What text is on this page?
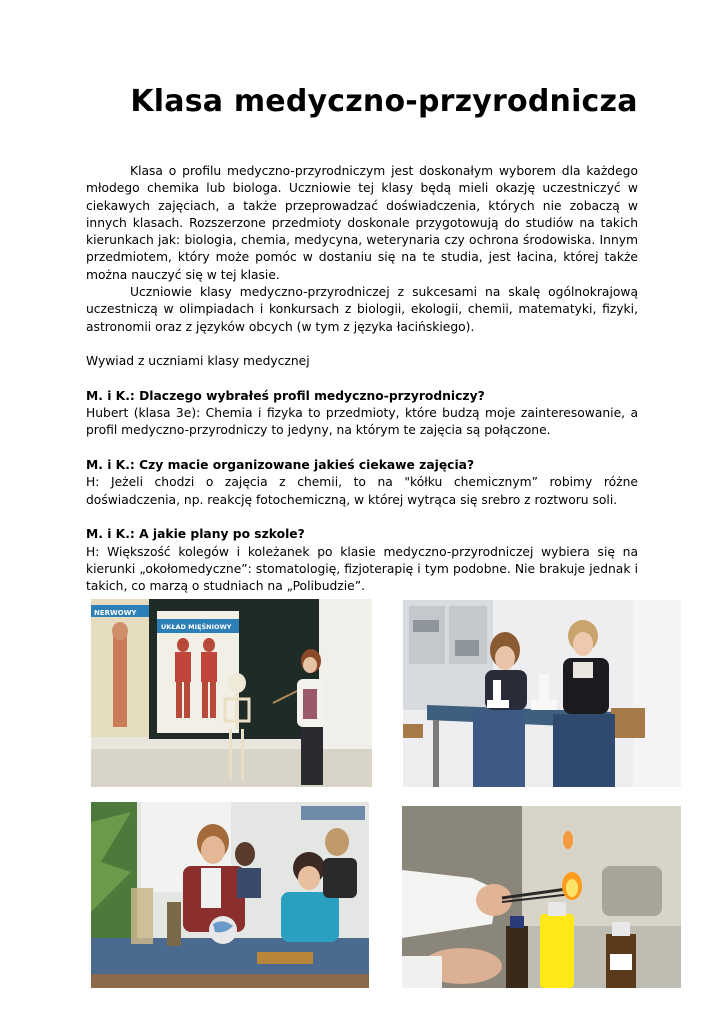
Klasa medyczno-przyrodnicza

Klasa o profilu medyczno-przyrodniczym jest doskonałym wyborem dla każdego młodego chemika lub biologa. Uczniowie tej klasy będą mieli okazję uczestniczyć w ciekawych zajęciach, a także przeprowadzać doświadczenia, których nie zobaczą w innych klasach. Rozszerzone przedmioty doskonale przygotowują do studiów na takich kierunkach jak: biologia, chemia, medycyna, weterynaria czy ochrona środowiska. Innym przedmiotem, który może pomóc w dostaniu się na te studia, jest łacina, której także można nauczyć się w tej klasie.

Uczniowie klasy medyczno-przyrodniczej z sukcesami na skalę ogólnokrajową uczestniczą w olimpiadach i konkursach z biologii, ekologii, chemii, matematyki, fizyki, astronomii oraz z języków obcych (w tym z języka łacińskiego).

Wywiad z uczniami klasy medycznej

M. i K.: Dlaczego wybrałeś profil medyczno-przyrodniczy?

Hubert (klasa 3e): Chemia i fizyka to przedmioty, które budzą moje zainteresowanie, a profil medyczno-przyrodniczy to jedyny, na którym te zajęcia są połączone.

M. i K.: Czy macie organizowane jakieś ciekawe zajęcia?

H: Jeżeli chodzi o zajęcia z chemii, to na "kółku chemicznym” robimy różne doświadczenia, np. reakcję fotochemiczną, w której wytrąca się srebro z roztworu soli.

M. i K.: A jakie plany po szkole?

H: Większość kolegów i koleżanek po klasie medyczno-przyrodniczej wybiera się na kierunki „okołomedyczne”: stomatologię, fizjoterapię i tym podobne. Nie brakuje jednak i takich, co marzą o studniach na „Polibudzie”.

NERWOWY
UKŁAD MIĘŚNIOWY
